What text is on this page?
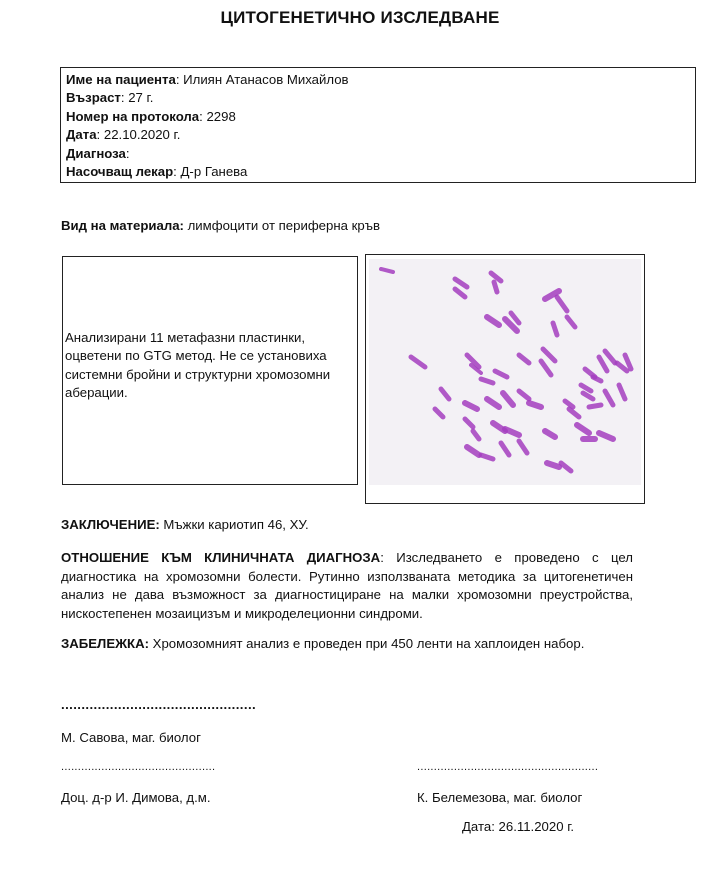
ЦИТОГЕНЕТИЧНО ИЗСЛЕДВАНЕ
Име на пациента: Илиян Атанасов Михайлов
Възраст: 27 г.
Номер на протокола: 2298
Дата: 22.10.2020 г.
Диагноза:
Насочващ лекар: Д-р Ганева
Вид на материала: лимфоцити от периферна кръв
Анализирани 11 метафазни пластинки, оцветени по GTG метод. Не се установиха системни бройни и структурни хромозомни аберации.
ЗАКЛЮЧЕНИЕ: Мъжки кариотип 46, ХУ.
ОТНОШЕНИЕ КЪМ КЛИНИЧНАТА ДИАГНОЗА: Изследването е проведено с цел диагностика на хромозомни болести. Рутинно използваната методика за цитогенетичен анализ не дава възможност за диагностициране на малки хромозомни преустройства, нискостепенен мозаицизъм и микроделеционни синдроми.
ЗАБЕЛЕЖКА: Хромозомният анализ е проведен при 450 ленти на хаплоиден набор.
................................................
М. Савова, маг. биолог
..............................................	......................................................
Доц. д-р И. Димова, д.м.	К. Белемезова, маг. биолог
Дата: 26.11.2020 г.
